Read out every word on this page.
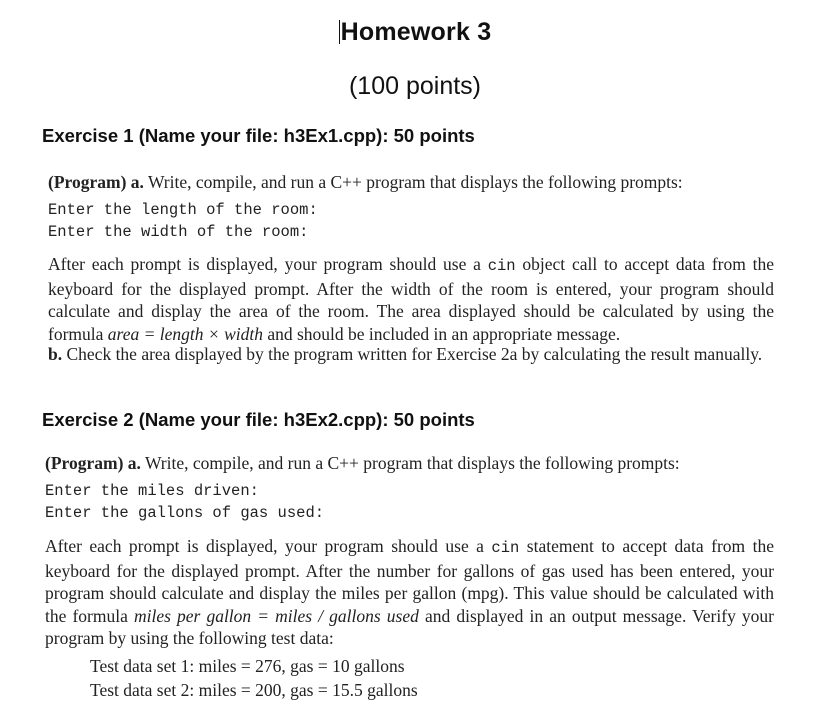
Homework 3
(100 points)
Exercise 1 (Name your file: h3Ex1.cpp): 50 points
(Program) a. Write, compile, and run a C++ program that displays the following prompts:
Enter the length of the room:
Enter the width of the room:
After each prompt is displayed, your program should use a cin object call to accept data from the keyboard for the displayed prompt. After the width of the room is entered, your program should calculate and display the area of the room. The area displayed should be calculated by using the formula area = length × width and should be included in an appropriate message.
b. Check the area displayed by the program written for Exercise 2a by calculating the result manually.
Exercise 2 (Name your file: h3Ex2.cpp): 50 points
(Program) a. Write, compile, and run a C++ program that displays the following prompts:
Enter the miles driven:
Enter the gallons of gas used:
After each prompt is displayed, your program should use a cin statement to accept data from the keyboard for the displayed prompt. After the number for gallons of gas used has been entered, your program should calculate and display the miles per gallon (mpg). This value should be calculated with the formula miles per gallon = miles / gallons used and displayed in an output message. Verify your program by using the following test data:
Test data set 1: miles = 276, gas = 10 gallons
Test data set 2: miles = 200, gas = 15.5 gallons
